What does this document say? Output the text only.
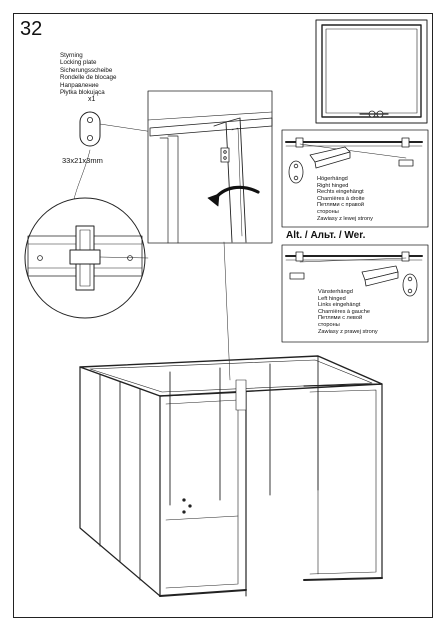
32
Styrning
Locking plate
Sicherungsscheibe
Rondelle de blocage
Направление
Płytka blokująca
x1
33x21x3mm
Högerhängd
Right hinged
Rechts eingehängt
Charnières à droite
Петлями с правой
стороны
Zawiasy z lewej strony
Alt. / Альт. / Wer.
Vänsterhängd
Left hinged
Links eingehängt
Charnières à gauche
Петлями с левой
стороны
Zawiasy z prawej strony
